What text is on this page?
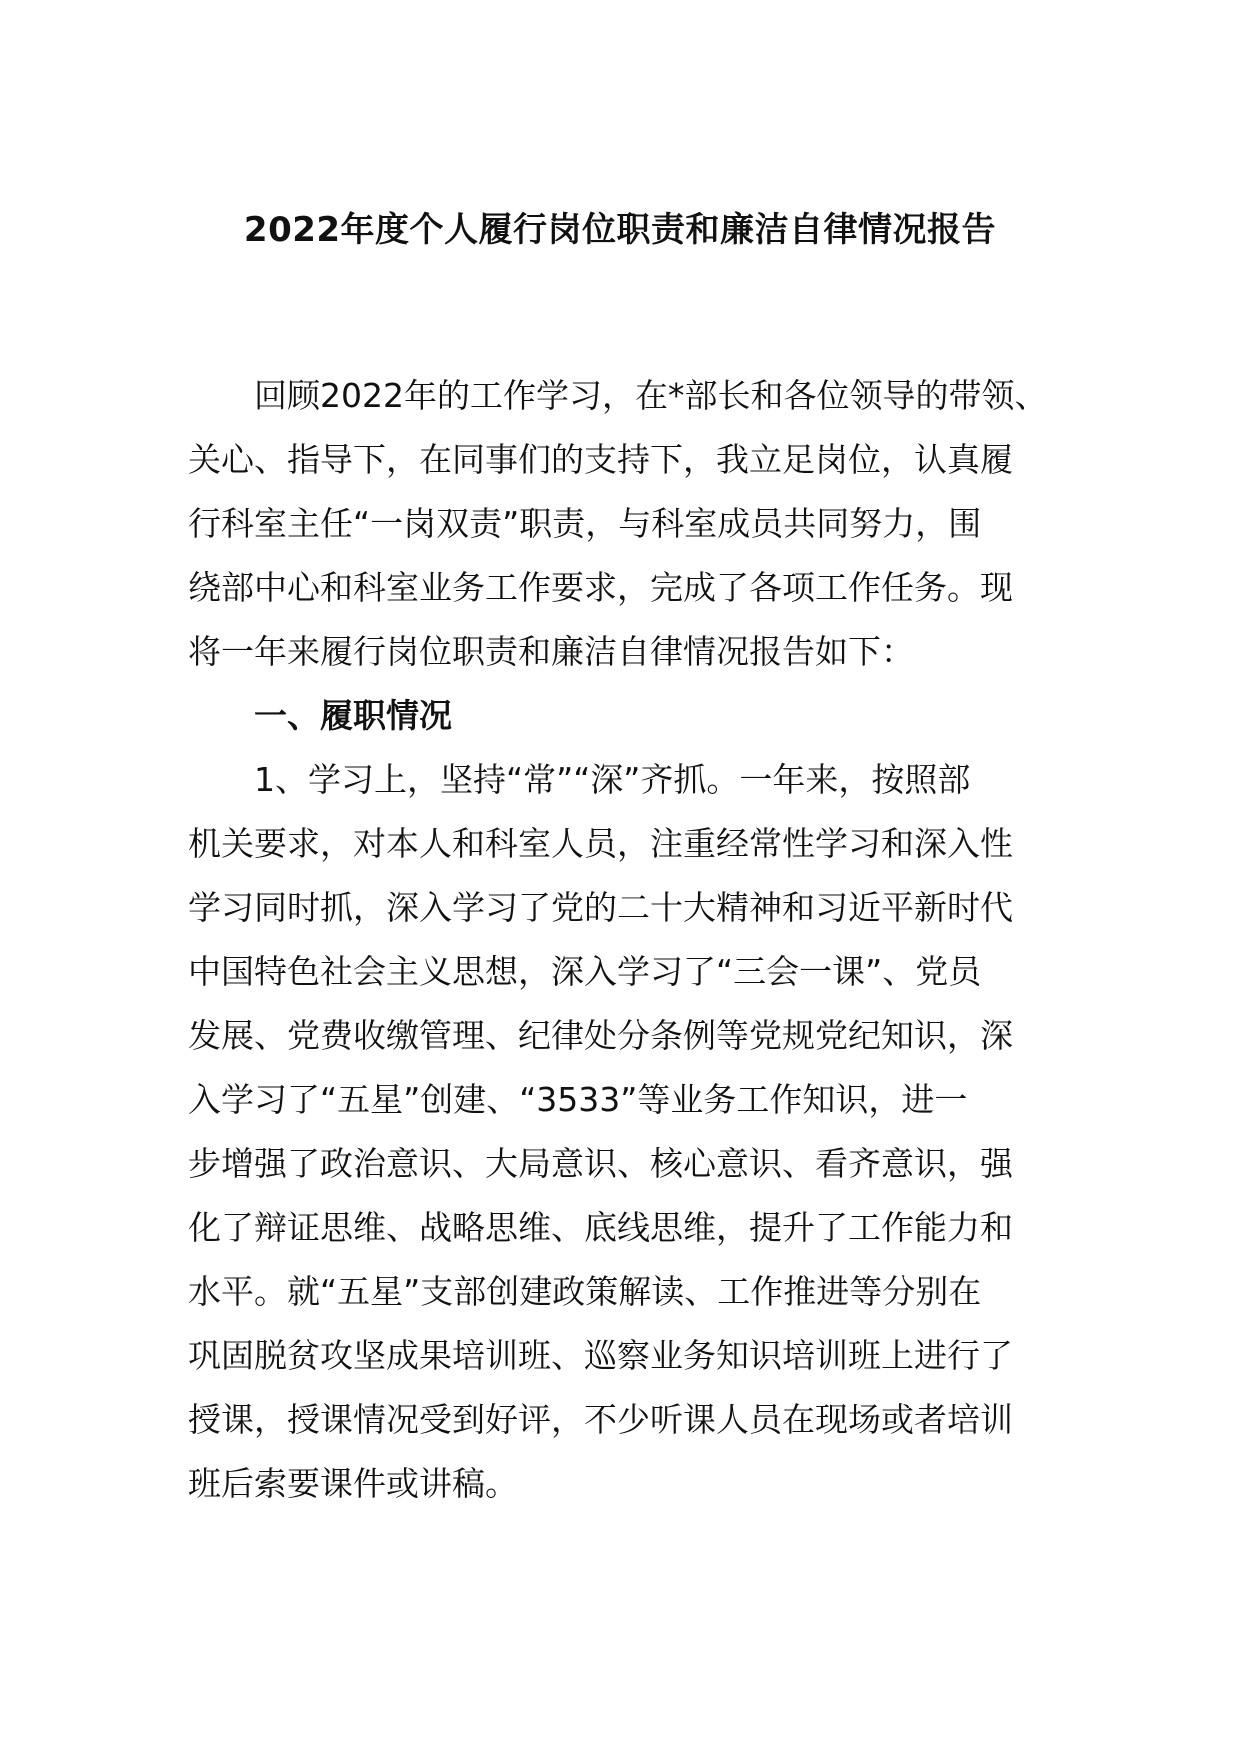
2022年度个人履行岗位职责和廉洁自律情况报告
回顾2022年的工作学习，在*部长和各位领导的带领、
关心、指导下，在同事们的支持下，我立足岗位，认真履
行科室主任“一岗双责”职责，与科室成员共同努力，围
绕部中心和科室业务工作要求，完成了各项工作任务。现
将一年来履行岗位职责和廉洁自律情况报告如下：
一、履职情况
1、学习上，坚持“常”“深”齐抓。一年来，按照部
机关要求，对本人和科室人员，注重经常性学习和深入性
学习同时抓，深入学习了党的二十大精神和习近平新时代
中国特色社会主义思想，深入学习了“三会一课”、党员
发展、党费收缴管理、纪律处分条例等党规党纪知识，深
入学习了“五星”创建、“3533”等业务工作知识，进一
步增强了政治意识、大局意识、核心意识、看齐意识，强
化了辩证思维、战略思维、底线思维，提升了工作能力和
水平。就“五星”支部创建政策解读、工作推进等分别在
巩固脱贫攻坚成果培训班、巡察业务知识培训班上进行了
授课，授课情况受到好评，不少听课人员在现场或者培训
班后索要课件或讲稿。
